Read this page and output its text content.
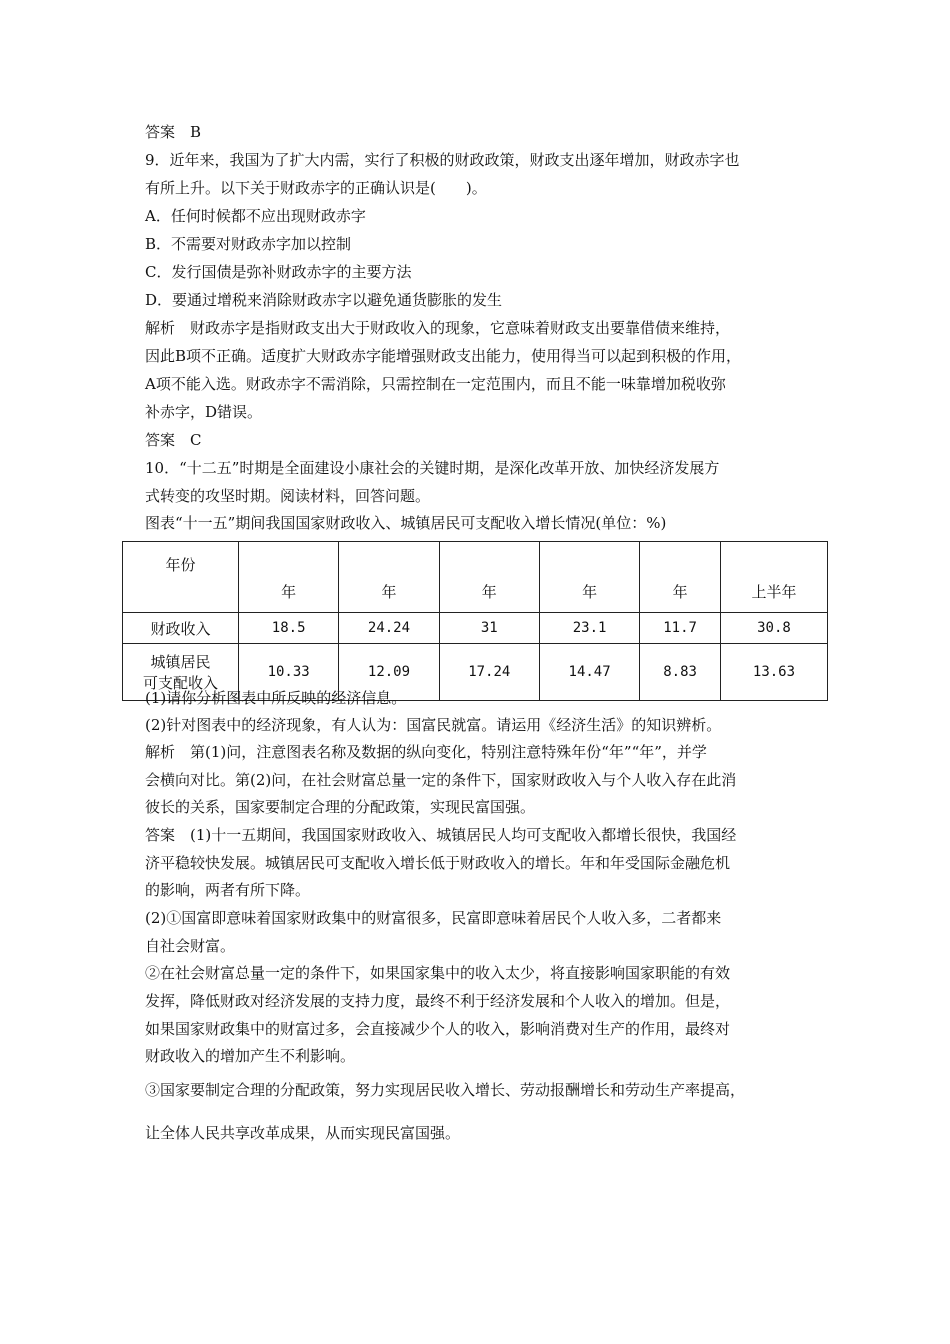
答案　B
9．近年来，我国为了扩大内需，实行了积极的财政政策，财政支出逐年增加，财政赤字也
有所上升。以下关于财政赤字的正确认识是(　　)。
A．任何时候都不应出现财政赤字
B．不需要对财政赤字加以控制
C．发行国债是弥补财政赤字的主要方法
D．要通过增税来消除财政赤字以避免通货膨胀的发生
解析　财政赤字是指财政支出大于财政收入的现象，它意味着财政支出要靠借债来维持，
因此B项不正确。适度扩大财政赤字能增强财政支出能力，使用得当可以起到积极的作用，
A项不能入选。财政赤字不需消除，只需控制在一定范围内，而且不能一味靠增加税收弥
补赤字，D错误。
答案　C
10．“十二五”时期是全面建设小康社会的关键时期，是深化改革开放、加快经济发展方
式转变的攻坚时期。阅读材料，回答问题。
图表“十一五”期间我国国家财政收入、城镇居民可支配收入增长情况(单位：%)
年份	年	年	年	年	年	上半年
财政收入	18.5	24.24	31	23.1	11.7	30.8

城镇居民
可支配收入	10.33	12.09	17.24	14.47	8.83	13.63
(1)请你分析图表中所反映的经济信息。
(2)针对图表中的经济现象，有人认为：国富民就富。请运用《经济生活》的知识辨析。
解析　第(1)问，注意图表名称及数据的纵向变化，特别注意特殊年份“年”“年”，并学
会横向对比。第(2)问，在社会财富总量一定的条件下，国家财政收入与个人收入存在此消
彼长的关系，国家要制定合理的分配政策，实现民富国强。
答案　(1)十一五期间，我国国家财政收入、城镇居民人均可支配收入都增长很快，我国经
济平稳较快发展。城镇居民可支配收入增长低于财政收入的增长。年和年受国际金融危机
的影响，两者有所下降。
(2)①国富即意味着国家财政集中的财富很多，民富即意味着居民个人收入多，二者都来
自社会财富。
②在社会财富总量一定的条件下，如果国家集中的收入太少，将直接影响国家职能的有效
发挥，降低财政对经济发展的支持力度，最终不利于经济发展和个人收入的增加。但是，
如果国家财政集中的财富过多，会直接减少个人的收入，影响消费对生产的作用，最终对
财政收入的增加产生不利影响。
③国家要制定合理的分配政策，努力实现居民收入增长、劳动报酬增长和劳动生产率提高，
让全体人民共享改革成果，从而实现民富国强。
